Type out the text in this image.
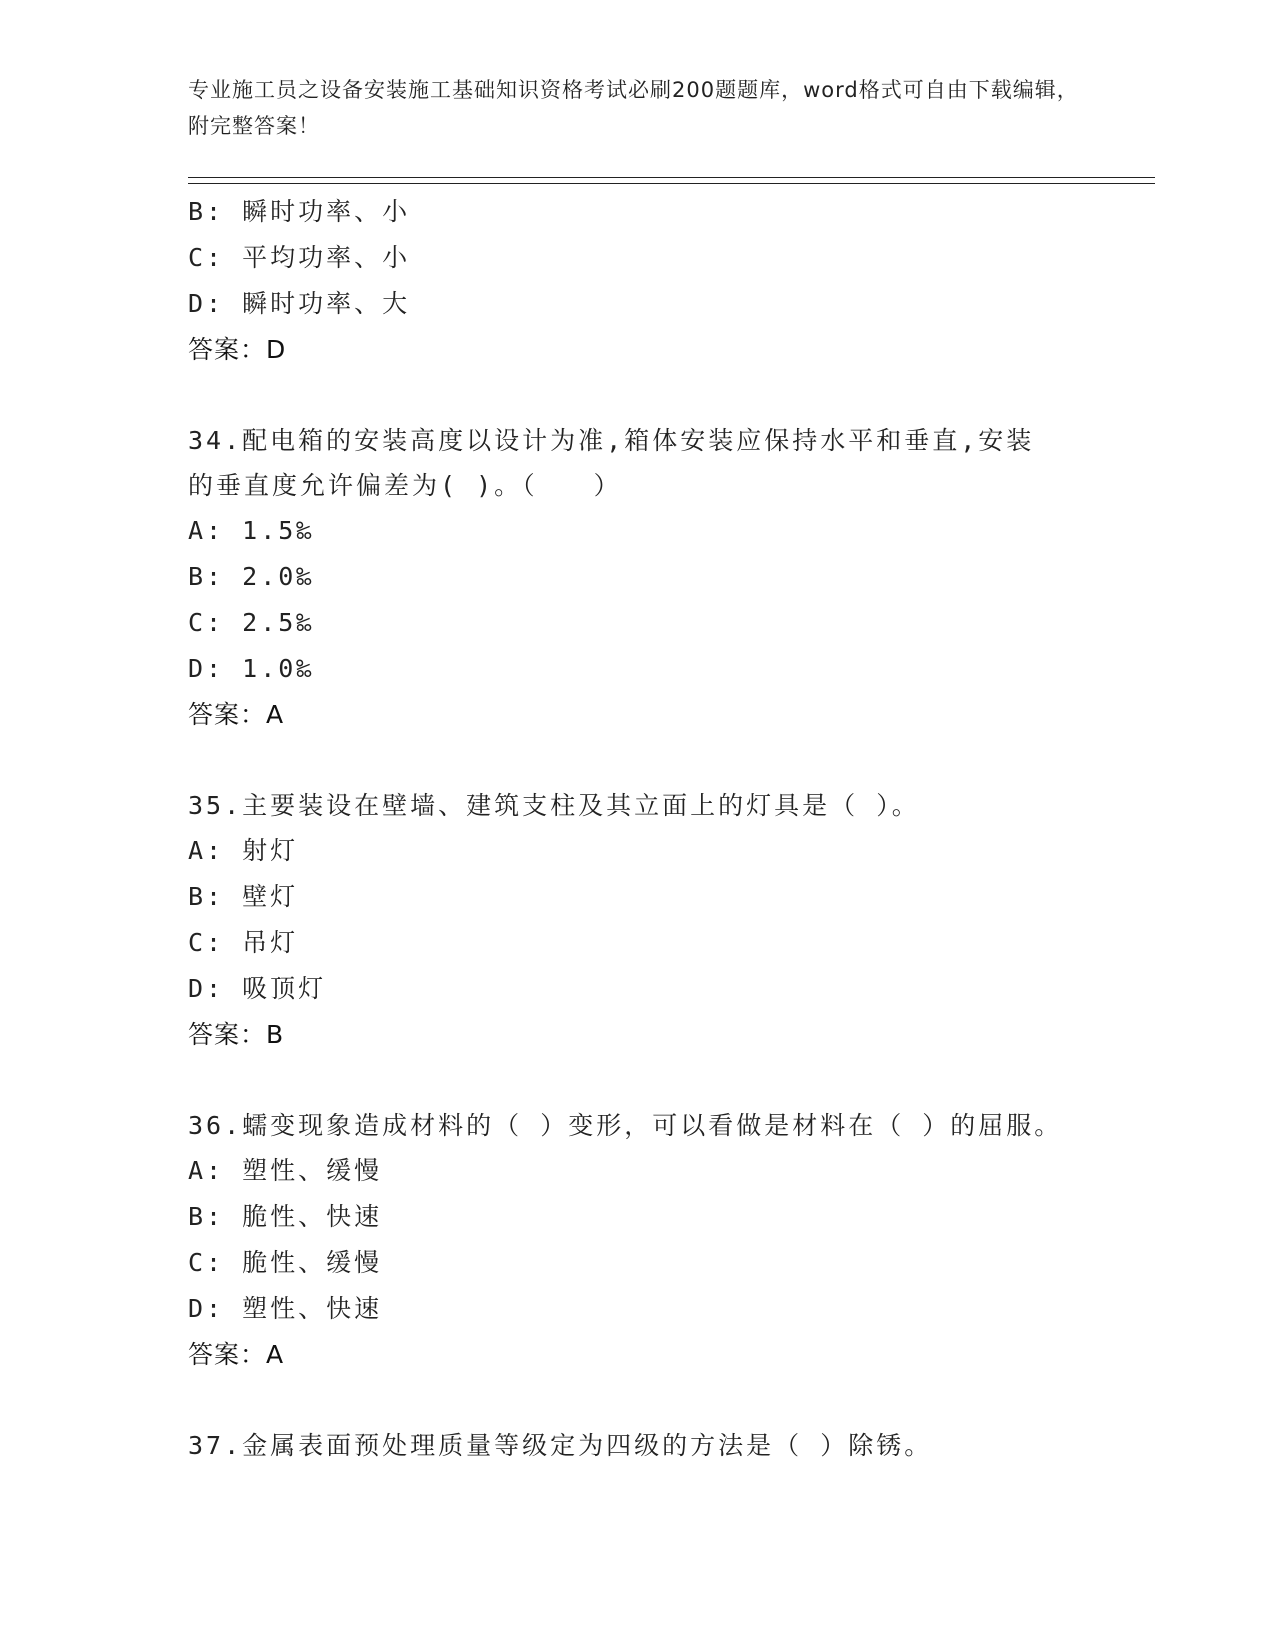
专业施工员之设备安装施工基础知识资格考试必刷200题题库，word格式可自由下载编辑，附完整答案！
B: 瞬时功率、小
C: 平均功率、小
D: 瞬时功率、大
答案：D
34.配电箱的安装高度以设计为准,箱体安装应保持水平和垂直,安装的垂直度允许偏差为( )。（　　）
A: 1.5‰
B: 2.0‰
C: 2.5‰
D: 1.0‰
答案：A
35.主要装设在壁墙、建筑支柱及其立面上的灯具是（ ）。
A: 射灯
B: 壁灯
C: 吊灯
D: 吸顶灯
答案：B
36.蠕变现象造成材料的（ ）变形，可以看做是材料在（ ）的屈服。
A: 塑性、缓慢
B: 脆性、快速
C: 脆性、缓慢
D: 塑性、快速
答案：A
37.金属表面预处理质量等级定为四级的方法是（ ）除锈。
